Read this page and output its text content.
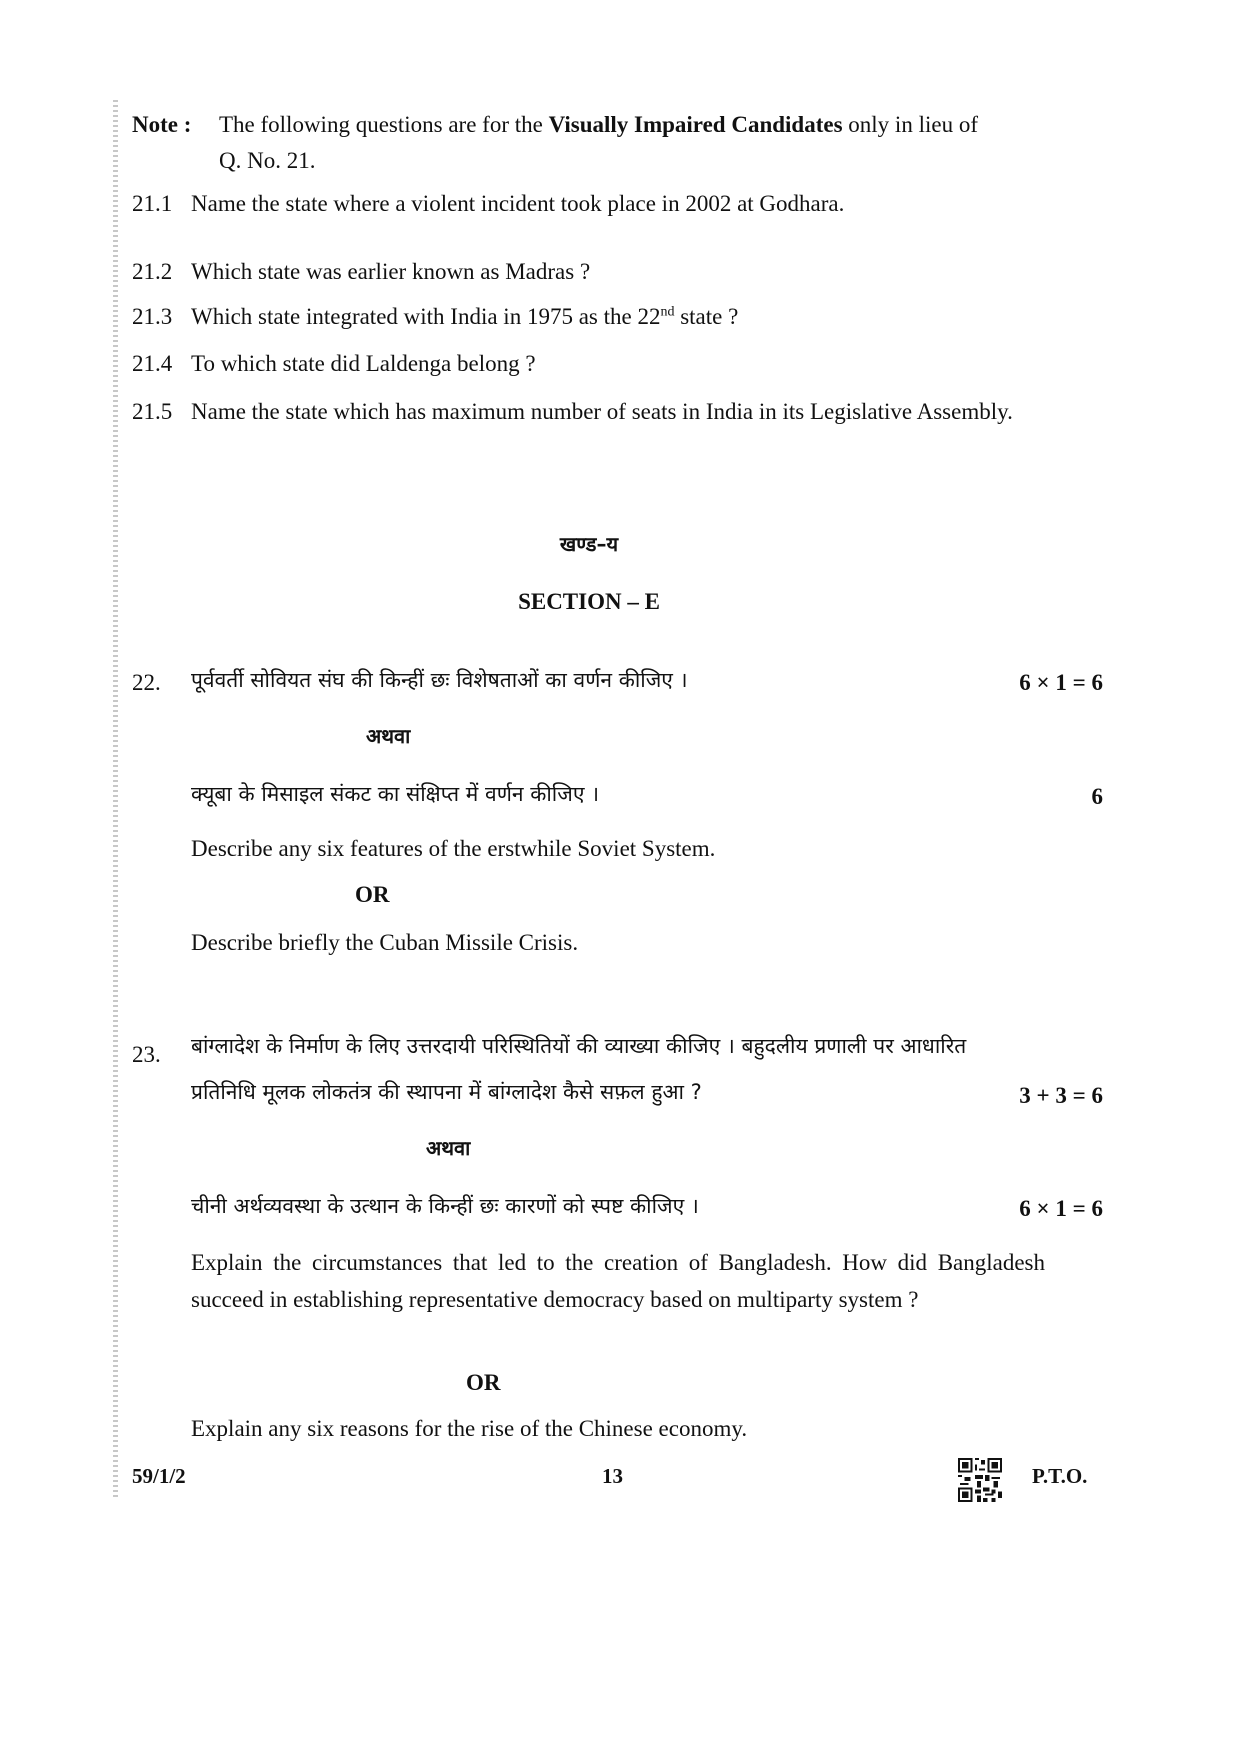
Note : The following questions are for the Visually Impaired Candidates only in lieu of
Q. No. 21.
21.1 Name the state where a violent incident took place in 2002 at Godhara.
21.2 Which state was earlier known as Madras ?
21.3 Which state integrated with India in 1975 as the 22nd state ?
21.4 To which state did Laldenga belong ?
21.5 Name the state which has maximum number of seats in India in its Legislative Assembly.
खण्ड–य
SECTION – E
22. पूर्ववर्ती सोवियत संघ की किन्हीं छः विशेषताओं का वर्णन कीजिए ।	6 × 1 = 6
अथवा
क्यूबा के मिसाइल संकट का संक्षिप्त में वर्णन कीजिए ।	6
Describe any six features of the erstwhile Soviet System.
OR
Describe briefly the Cuban Missile Crisis.
23. बांग्लादेश के निर्माण के लिए उत्तरदायी परिस्थितियों की व्याख्या कीजिए । बहुदलीय प्रणाली पर आधारित
प्रतिनिधि मूलक लोकतंत्र की स्थापना में बांग्लादेश कैसे सफ़ल हुआ ?	3 + 3 = 6
अथवा
चीनी अर्थव्यवस्था के उत्थान के किन्हीं छः कारणों को स्पष्ट कीजिए ।	6 × 1 = 6
Explain the circumstances that led to the creation of Bangladesh. How did Bangladesh succeed in establishing representative democracy based on multiparty system ?
OR
Explain any six reasons for the rise of the Chinese economy.
59/1/2	13	P.T.O.
